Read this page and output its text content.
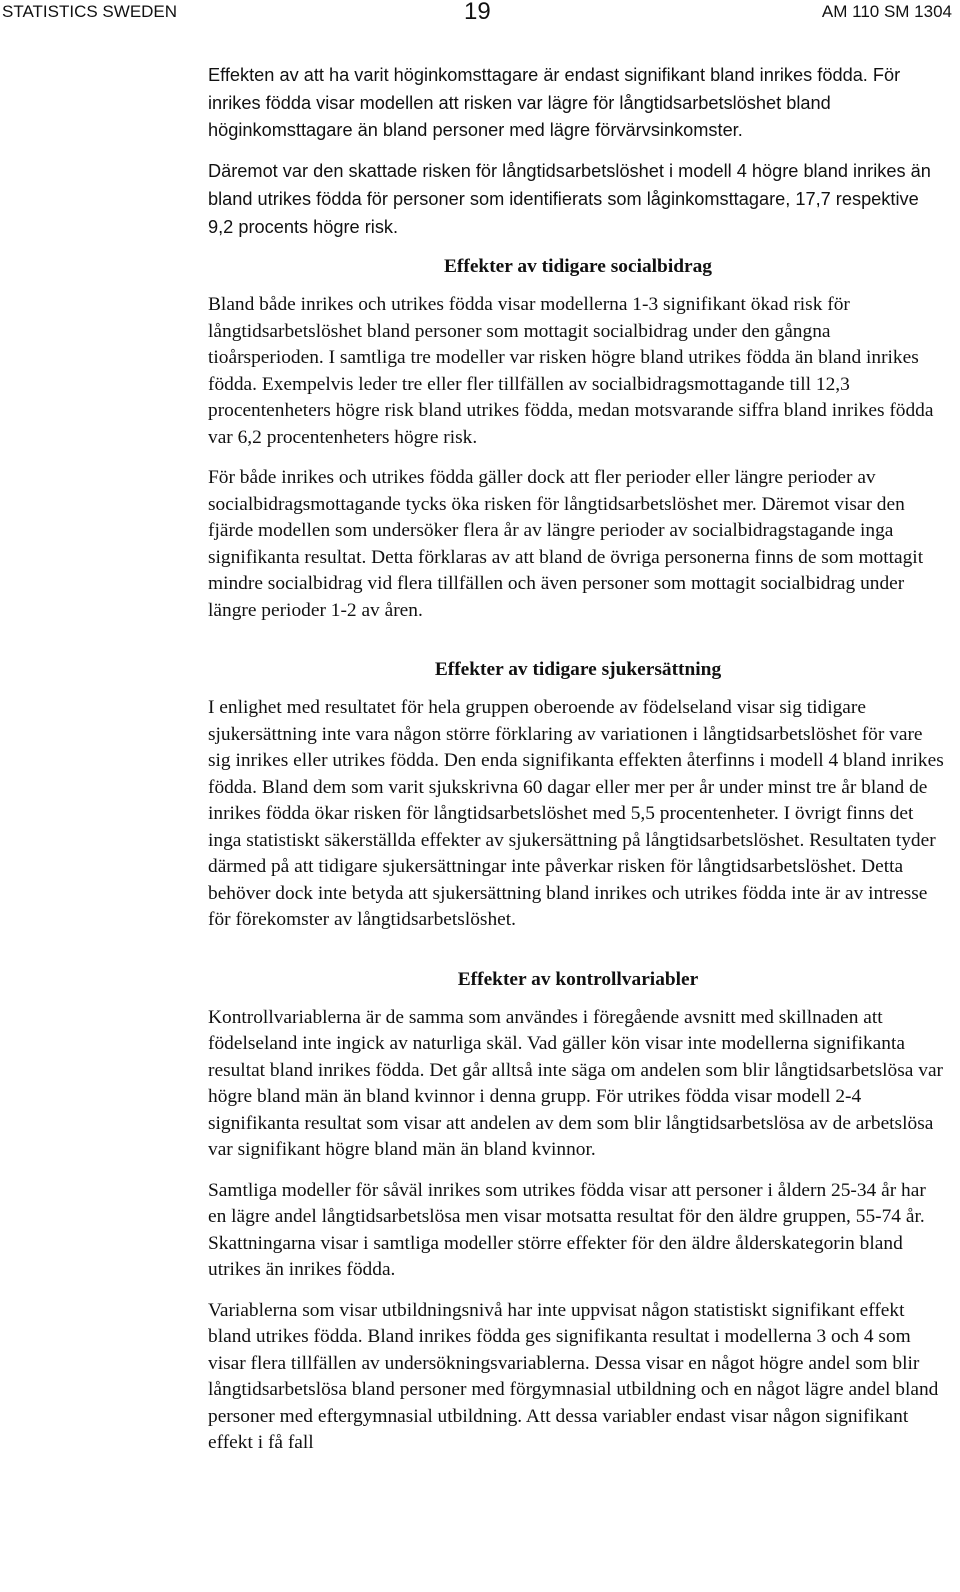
STATISTICS SWEDEN	19	AM 110 SM 1304

Effekten av att ha varit höginkomsttagare är endast signifikant bland inrikes födda. För inrikes födda visar modellen att risken var lägre för långtidsarbetslöshet bland höginkomsttagare än bland personer med lägre förvärvsinkomster.

Däremot var den skattade risken för långtidsarbetslöshet i modell 4 högre bland inrikes än bland utrikes födda för personer som identifierats som låginkomsttagare, 17,7 respektive 9,2 procents högre risk.

Effekter av tidigare socialbidrag

Bland både inrikes och utrikes födda visar modellerna 1-3 signifikant ökad risk för långtidsarbetslöshet bland personer som mottagit socialbidrag under den gångna tioårsperioden. I samtliga tre modeller var risken högre bland utrikes födda än bland inrikes födda. Exempelvis leder tre eller fler tillfällen av socialbidragsmottagande till 12,3 procentenheters högre risk bland utrikes födda, medan motsvarande siffra bland inrikes födda var 6,2 procentenheters högre risk.

För både inrikes och utrikes födda gäller dock att fler perioder eller längre perioder av socialbidragsmottagande tycks öka risken för långtidsarbetslöshet mer. Däremot visar den fjärde modellen som undersöker flera år av längre perioder av socialbidragstagande inga signifikanta resultat. Detta förklaras av att bland de övriga personerna finns de som mottagit mindre socialbidrag vid flera tillfällen och även personer som mottagit socialbidrag under längre perioder 1-2 av åren.

Effekter av tidigare sjukersättning

I enlighet med resultatet för hela gruppen oberoende av födelseland visar sig tidigare sjukersättning inte vara någon större förklaring av variationen i långtidsarbetslöshet för vare sig inrikes eller utrikes födda. Den enda signifikanta effekten återfinns i modell 4 bland inrikes födda. Bland dem som varit sjukskrivna 60 dagar eller mer per år under minst tre år bland de inrikes födda ökar risken för långtidsarbetslöshet med 5,5 procentenheter. I övrigt finns det inga statistiskt säkerställda effekter av sjukersättning på långtidsarbetslöshet. Resultaten tyder därmed på att tidigare sjukersättningar inte påverkar risken för långtidsarbetslöshet. Detta behöver dock inte betyda att sjukersättning bland inrikes och utrikes födda inte är av intresse för förekomster av långtidsarbetslöshet.

Effekter av kontrollvariabler

Kontrollvariablerna är de samma som användes i föregående avsnitt med skillnaden att födelseland inte ingick av naturliga skäl. Vad gäller kön visar inte modellerna signifikanta resultat bland inrikes födda. Det går alltså inte säga om andelen som blir långtidsarbetslösa var högre bland män än bland kvinnor i denna grupp. För utrikes födda visar modell 2-4 signifikanta resultat som visar att andelen av dem som blir långtidsarbetslösa av de arbetslösa var signifikant högre bland män än bland kvinnor.

Samtliga modeller för såväl inrikes som utrikes födda visar att personer i åldern 25-34 år har en lägre andel långtidsarbetslösa men visar motsatta resultat för den äldre gruppen, 55-74 år. Skattningarna visar i samtliga modeller större effekter för den äldre ålderskategorin bland utrikes än inrikes födda.

Variablerna som visar utbildningsnivå har inte uppvisat någon statistiskt signifikant effekt bland utrikes födda. Bland inrikes födda ges signifikanta resultat i modellerna 3 och 4 som visar flera tillfällen av undersökningsvariablerna. Dessa visar en något högre andel som blir långtidsarbetslösa bland personer med förgymnasial utbildning och en något lägre andel bland personer med eftergymnasial utbildning. Att dessa variabler endast visar någon signifikant effekt i få fall
